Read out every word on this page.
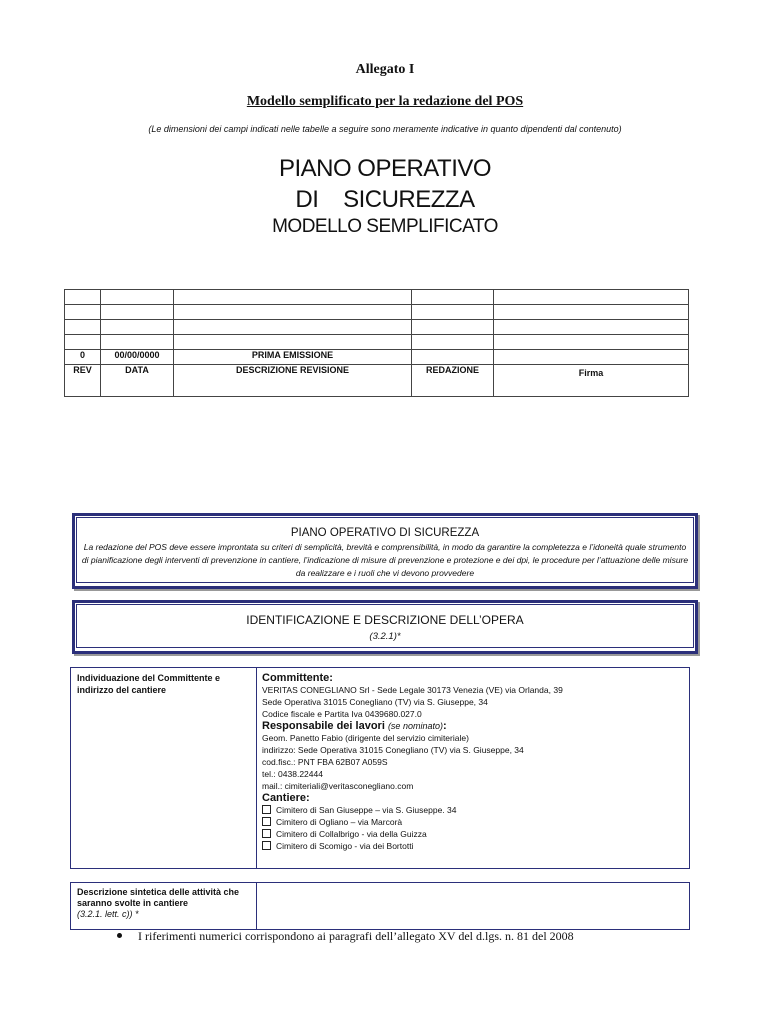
Allegato I
Modello semplificato per la redazione del POS
(Le dimensioni dei campi indicati nelle tabelle a seguire sono meramente indicative in quanto dipendenti dal contenuto)
PIANO OPERATIVO
DI    SICUREZZA
MODELLO SEMPLIFICATO

0	00/00/0000	PRIMA EMISSIONE		
REV	DATA	DESCRIZIONE REVISIONE	REDAZIONE	Firma
PIANO OPERATIVO DI SICUREZZA
La redazione del POS deve essere improntata su criteri di semplicità, brevità e comprensibilità, in modo da garantire la completezza e l’idoneità quale strumento di pianificazione degli interventi di prevenzione in cantiere, l’indicazione di misure di prevenzione e protezione e dei dpi, le procedure per l’attuazione delle misure da realizzare e i ruoli che vi devono provvedere
IDENTIFICAZIONE E DESCRIZIONE DELL’OPERA
(3.2.1)*
Individuazione del Committente e indirizzo del cantiere
Committente:
VERITAS CONEGLIANO Srl - Sede Legale 30173 Venezia (VE) via Orlanda, 39
Sede Operativa 31015 Conegliano (TV) via S. Giuseppe, 34
Codice fiscale e Partita Iva 0439680.027.0
Responsabile dei lavori (se nominato):
Geom. Panetto Fabio (dirigente del servizio cimiteriale)
indirizzo: Sede Operativa 31015 Conegliano (TV) via S. Giuseppe, 34
cod.fisc.: PNT FBA 62B07 A059S
tel.: 0438.22444
mail.: cimiteriali@veritasconegliano.com
Cantiere:
Cimitero di San Giuseppe – via S. Giuseppe. 34
Cimitero di Ogliano – via Marcorà
Cimitero di Collalbrigo - via della Guizza
Cimitero di Scomigo - via dei Bortotti
Descrizione sintetica delle attività che saranno svolte in cantiere
(3.2.1. lett. c)) *
I riferimenti numerici corrispondono ai paragrafi dell’allegato XV del d.lgs. n. 81 del 2008
